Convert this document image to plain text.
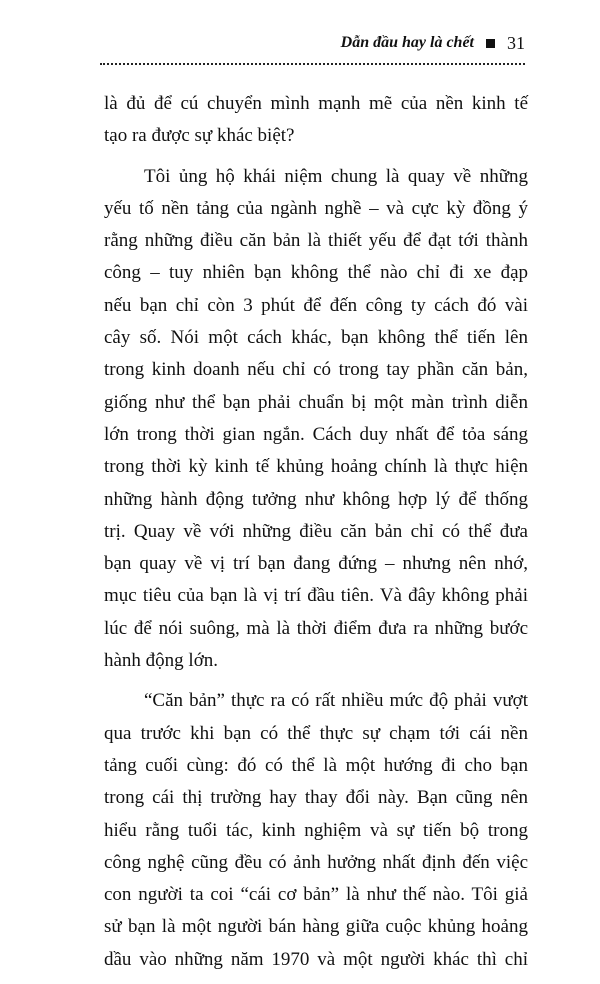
Dẫn đầu hay là chết 31
là đủ để cú chuyển mình mạnh mẽ của nền kinh tế
tạo ra được sự khác biệt?
Tôi ủng hộ khái niệm chung là quay về những
yếu tố nền tảng của ngành nghề – và cực kỳ đồng ý
rằng những điều căn bản là thiết yếu để đạt tới thành
công – tuy nhiên bạn không thể nào chỉ đi xe đạp
nếu bạn chỉ còn 3 phút để đến công ty cách đó vài
cây số. Nói một cách khác, bạn không thể tiến lên
trong kinh doanh nếu chỉ có trong tay phần căn bản,
giống như thể bạn phải chuẩn bị một màn trình diễn
lớn trong thời gian ngắn. Cách duy nhất để tỏa sáng
trong thời kỳ kinh tế khủng hoảng chính là thực hiện
những hành động tưởng như không hợp lý để thống
trị. Quay về với những điều căn bản chỉ có thể đưa
bạn quay về vị trí bạn đang đứng – nhưng nên nhớ,
mục tiêu của bạn là vị trí đầu tiên. Và đây không phải
lúc để nói suông, mà là thời điểm đưa ra những bước
hành động lớn.
“Căn bản” thực ra có rất nhiều mức độ phải vượt
qua trước khi bạn có thể thực sự chạm tới cái nền
tảng cuối cùng: đó có thể là một hướng đi cho bạn
trong cái thị trường hay thay đổi này. Bạn cũng nên
hiểu rằng tuổi tác, kinh nghiệm và sự tiến bộ trong
công nghệ cũng đều có ảnh hưởng nhất định đến việc
con người ta coi “cái cơ bản” là như thế nào. Tôi giả
sử bạn là một người bán hàng giữa cuộc khủng hoảng
dầu vào những năm 1970 và một người khác thì chỉ
